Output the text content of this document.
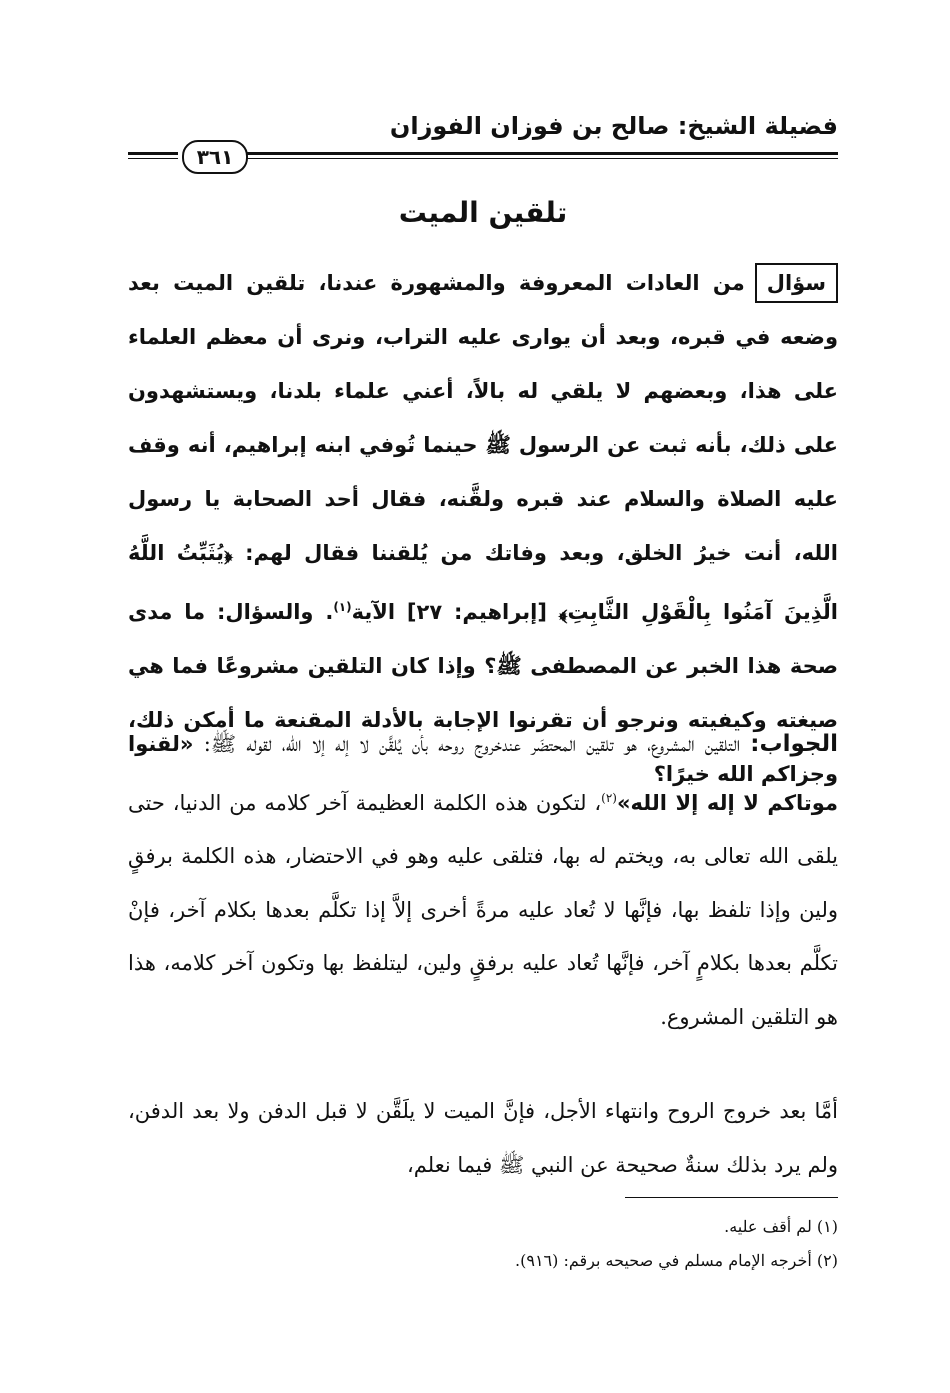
فضيلة الشيخ: صالح بن فوزان الفوزان
٣٦١
تلقين الميت

سؤالمن العادات المعروفة والمشهورة عندنا، تلقين الميت بعد وضعه في قبره، وبعد أن يوارى عليه التراب، ونرى أن معظم العلماء على هذا، وبعضهم لا يلقي له بالاً، أعني علماء بلدنا، ويستشهدون على ذلك، بأنه ثبت عن الرسول ﷺ حينما تُوفي ابنه إبراهيم، أنه وقف عليه الصلاة والسلام عند قبره ولقَّنه، فقال أحد الصحابة يا رسول الله، أنت خيرُ الخلق، وبعد وفاتك من يُلقننا فقال لهم: ﴿يُثَبِّتُ اللَّهُ الَّذِينَ آمَنُوا بِالْقَوْلِ الثَّابِتِ﴾ [إبراهيم: ٢٧] الآية$^{(١)}$. والسؤال: ما مدى صحة هذا الخبر عن المصطفى ﷺ؟ وإذا كان التلقين مشروعًا فما هي صيغته وكيفيته ونرجو أن تقرنوا الإجابة بالأدلة المقنعة ما أمكن ذلك، وجزاكم الله خيرًا؟

الجواب: التلقين المشروع، هو تلقين المحتضَر عندخروج روحه بأن يُلقَّن لا إله إلا الله، لقوله ﷺ: «لقنوا موتاكم لا إله إلا الله»$^{(٢)}$، لتكون هذه الكلمة العظيمة آخر كلامه من الدنيا، حتى يلقى الله تعالى به، ويختم له بها، فتلقى عليه وهو في الاحتضار، هذه الكلمة برفقٍ ولين وإذا تلفظ بها، فإنَّها لا تُعاد عليه مرةً أخرى إلاَّ إذا تكلَّم بعدها بكلام آخر، فإنْ تكلَّم بعدها بكلامٍ آخر، فإنَّها تُعاد عليه برفقٍ ولين، ليتلفظ بها وتكون آخر كلامه، هذا هو التلقين المشروع.

أمَّا بعد خروج الروح وانتهاء الأجل، فإنَّ الميت لا يلَقَّن لا قبل الدفن ولا بعد الدفن، ولم يرد بذلك سنةٌ صحيحة عن النبي ﷺ فيما نعلم،

(١) لم أقف عليه.
(٢) أخرجه الإمام مسلم في صحيحه برقم: (٩١٦).
